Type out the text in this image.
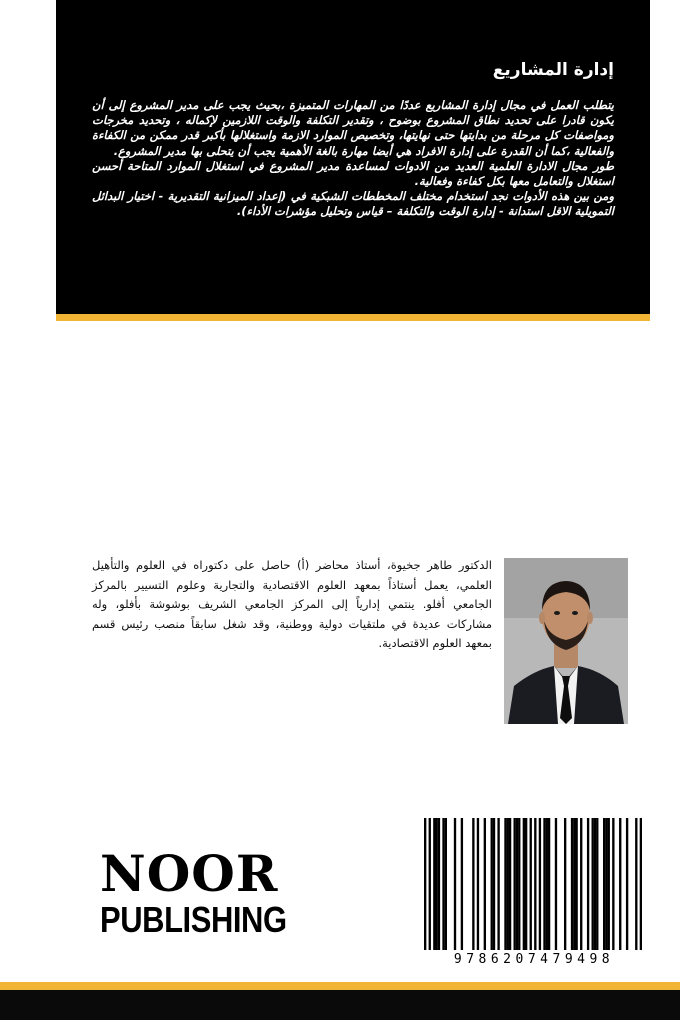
إدارة المشاريع

يتطلب العمل في مجال إدارة المشاريع عددًا من المهارات المتميزة ،بحيث يجب على مدير المشروع إلى أن يكون قادرا على تحديد نطاق المشروع بوضوح ، وتقدير التكلفة والوقت اللازمين لإكماله ، وتحديد مخرجات ومواصفات كل مرحلة من بدايتها حتى نهايتها، وتخصيص الموارد الازمة واستغلالها بأكبر قدر ممكن من الكفاءة والفعالية ،كما أن القدرة على إدارة الافراد هي أيضا مهارة بالغة الأهمية يجب أن يتحلى بها مدير المشروع.

طور مجال الادارة العلمية العديد من الادوات لمساعدة مدير المشروع في استغلال الموارد المتاحة أحسن استغلال والتعامل معها بكل كفاءة وفعالية.

ومن بين هذه الأدوات نجد استخدام مختلف المخططات الشبكية في (إعداد الميزانية التقديرية - اختيار البدائل التمويلية الاقل استدانة - إدارة الوقت والتكلفة – قياس وتحليل مؤشرات الأداء).

الدكتور طاهر جخيوة، أستاذ محاضر (أ) حاصل على دكتوراه في العلوم والتأهيل العلمي، يعمل أستاذاً بمعهد العلوم الاقتصادية والتجارية وعلوم التسيير بالمركز الجامعي أفلو. ينتمي إدارياً إلى المركز الجامعي الشريف بوشوشة بأفلو، وله مشاركات عديدة في ملتقيات دولية ووطنية، وقد شغل سابقاً منصب رئيس قسم بمعهد العلوم الاقتصادية.

NOOR
PUBLISHING
9786207479498
